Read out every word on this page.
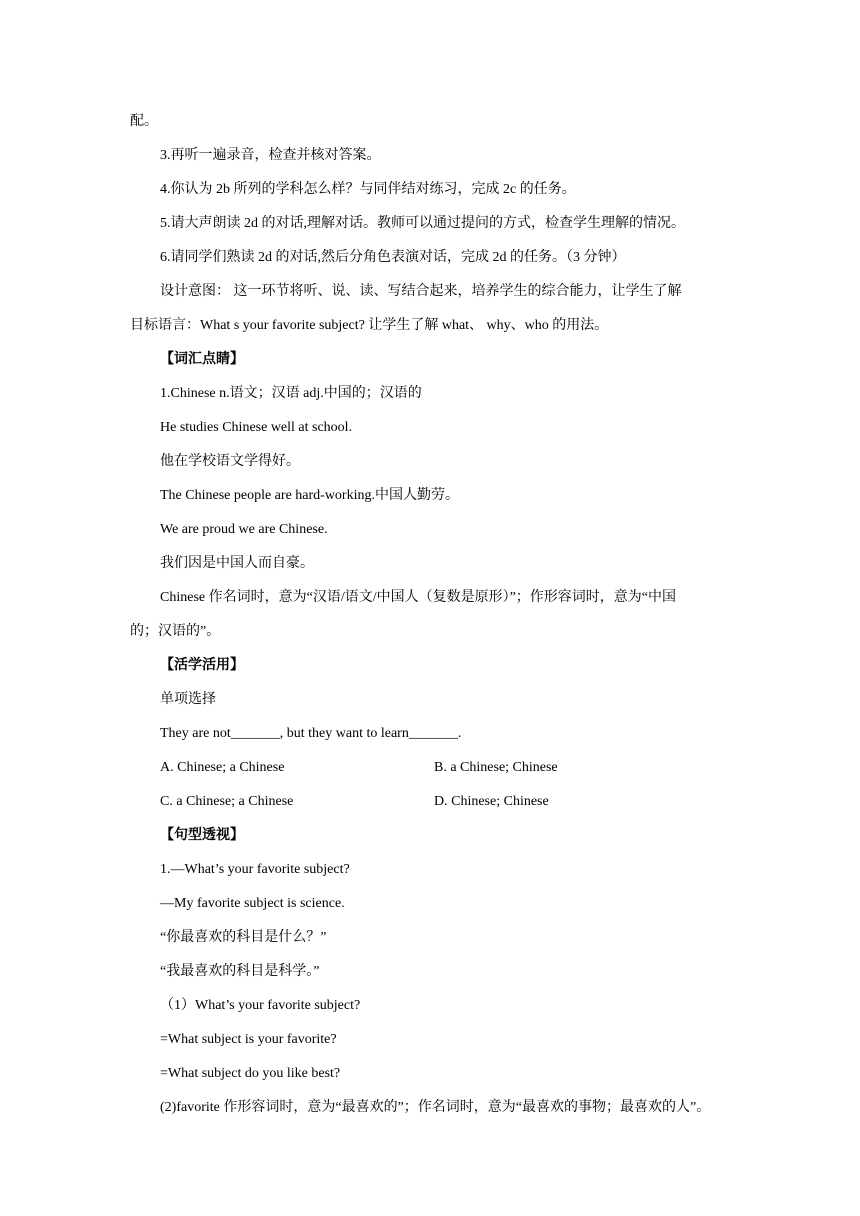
配。
3.再听一遍录音，检查并核对答案。
4.你认为 2b 所列的学科怎么样？与同伴结对练习，完成 2c 的任务。
5.请大声朗读 2d 的对话,理解对话。教师可以通过提问的方式，检查学生理解的情况。
6.请同学们熟读 2d 的对话,然后分角色表演对话，完成 2d 的任务。（3 分钟）
设计意图： 这一环节将听、说、读、写结合起来，培养学生的综合能力，让学生了解
目标语言：What s your favorite subject? 让学生了解 what、 why、who 的用法。
【词汇点睛】
1.Chinese n.语文；汉语 adj.中国的；汉语的
He studies Chinese well at school.
他在学校语文学得好。
The Chinese people are hard-working.中国人勤劳。
We are proud we are Chinese.
我们因是中国人而自豪。
Chinese 作名词时，意为“汉语/语文/中国人（复数是原形）”；作形容词时，意为“中国
的；汉语的”。
【活学活用】
单项选择
They are not_______, but they want to learn_______.
A. Chinese; a Chinese	B. a Chinese; Chinese
C. a Chinese; a Chinese	D. Chinese; Chinese
【句型透视】
1.—What’s your favorite subject?
—My favorite subject is science.
“你最喜欢的科目是什么？”
“我最喜欢的科目是科学。”
（1）What’s your favorite subject?
=What subject is your favorite?
=What subject do you like best?
(2)favorite 作形容词时，意为“最喜欢的”；作名词时，意为“最喜欢的事物；最喜欢的人”。
